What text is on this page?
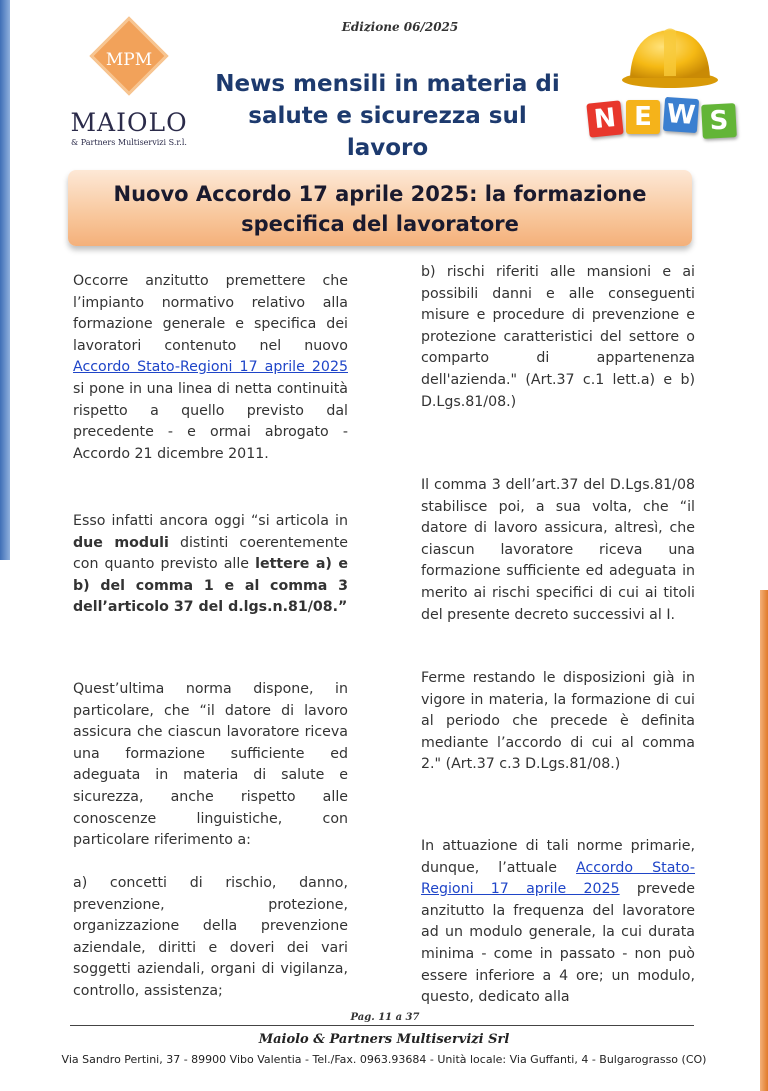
Edizione 06/2025
MPM
MAIOLO
& Partners Multiservizi S.r.l.
News mensili in materia di
salute e sicurezza sul lavoro
N E W S
Nuovo Accordo 17 aprile 2025: la formazione
specifica del lavoratore

Occorre anzitutto premettere che l’impianto normativo relativo alla formazione generale e specifica dei lavoratori contenuto nel nuovo Accordo Stato-Regioni 17 aprile 2025 si pone in una linea di netta continuità rispetto a quello previsto dal precedente - e ormai abrogato - Accordo 21 dicembre 2011.

Esso infatti ancora oggi “si articola in due moduli distinti coerentemente con quanto previsto alle lettere a) e b) del comma 1 e al comma 3 dell’articolo 37 del d.lgs.n.81/08.”

Quest’ultima norma dispone, in particolare, che “il datore di lavoro assicura che ciascun lavoratore riceva una formazione sufficiente ed adeguata in materia di salute e sicurezza, anche rispetto alle conoscenze linguistiche, con particolare riferimento a:

a) concetti di rischio, danno, prevenzione, protezione, organizzazione della prevenzione aziendale, diritti e doveri dei vari soggetti aziendali, organi di vigilanza, controllo, assistenza;

b) rischi riferiti alle mansioni e ai possibili danni e alle conseguenti misure e procedure di prevenzione e protezione caratteristici del settore o comparto di appartenenza dell'azienda." (Art.37 c.1 lett.a) e b) D.Lgs.81/08.)

Il comma 3 dell’art.37 del D.Lgs.81/08 stabilisce poi, a sua volta, che “il datore di lavoro assicura, altresì, che ciascun lavoratore riceva una formazione sufficiente ed adeguata in merito ai rischi specifici di cui ai titoli del presente decreto successivi al I.

Ferme restando le disposizioni già in vigore in materia, la formazione di cui al periodo che precede è definita mediante l’accordo di cui al comma 2." (Art.37 c.3 D.Lgs.81/08.)

In attuazione di tali norme primarie, dunque, l’attuale Accordo Stato-Regioni 17 aprile 2025 prevede anzitutto la frequenza del lavoratore ad un modulo generale, la cui durata minima - come in passato - non può essere inferiore a 4 ore; un modulo, questo, dedicato alla

Pag. 11 a 37
Maiolo & Partners Multiservizi Srl
Via Sandro Pertini, 37 - 89900 Vibo Valentia - Tel./Fax. 0963.93684 - Unità locale: Via Guffanti, 4 - Bulgarograsso (CO)
